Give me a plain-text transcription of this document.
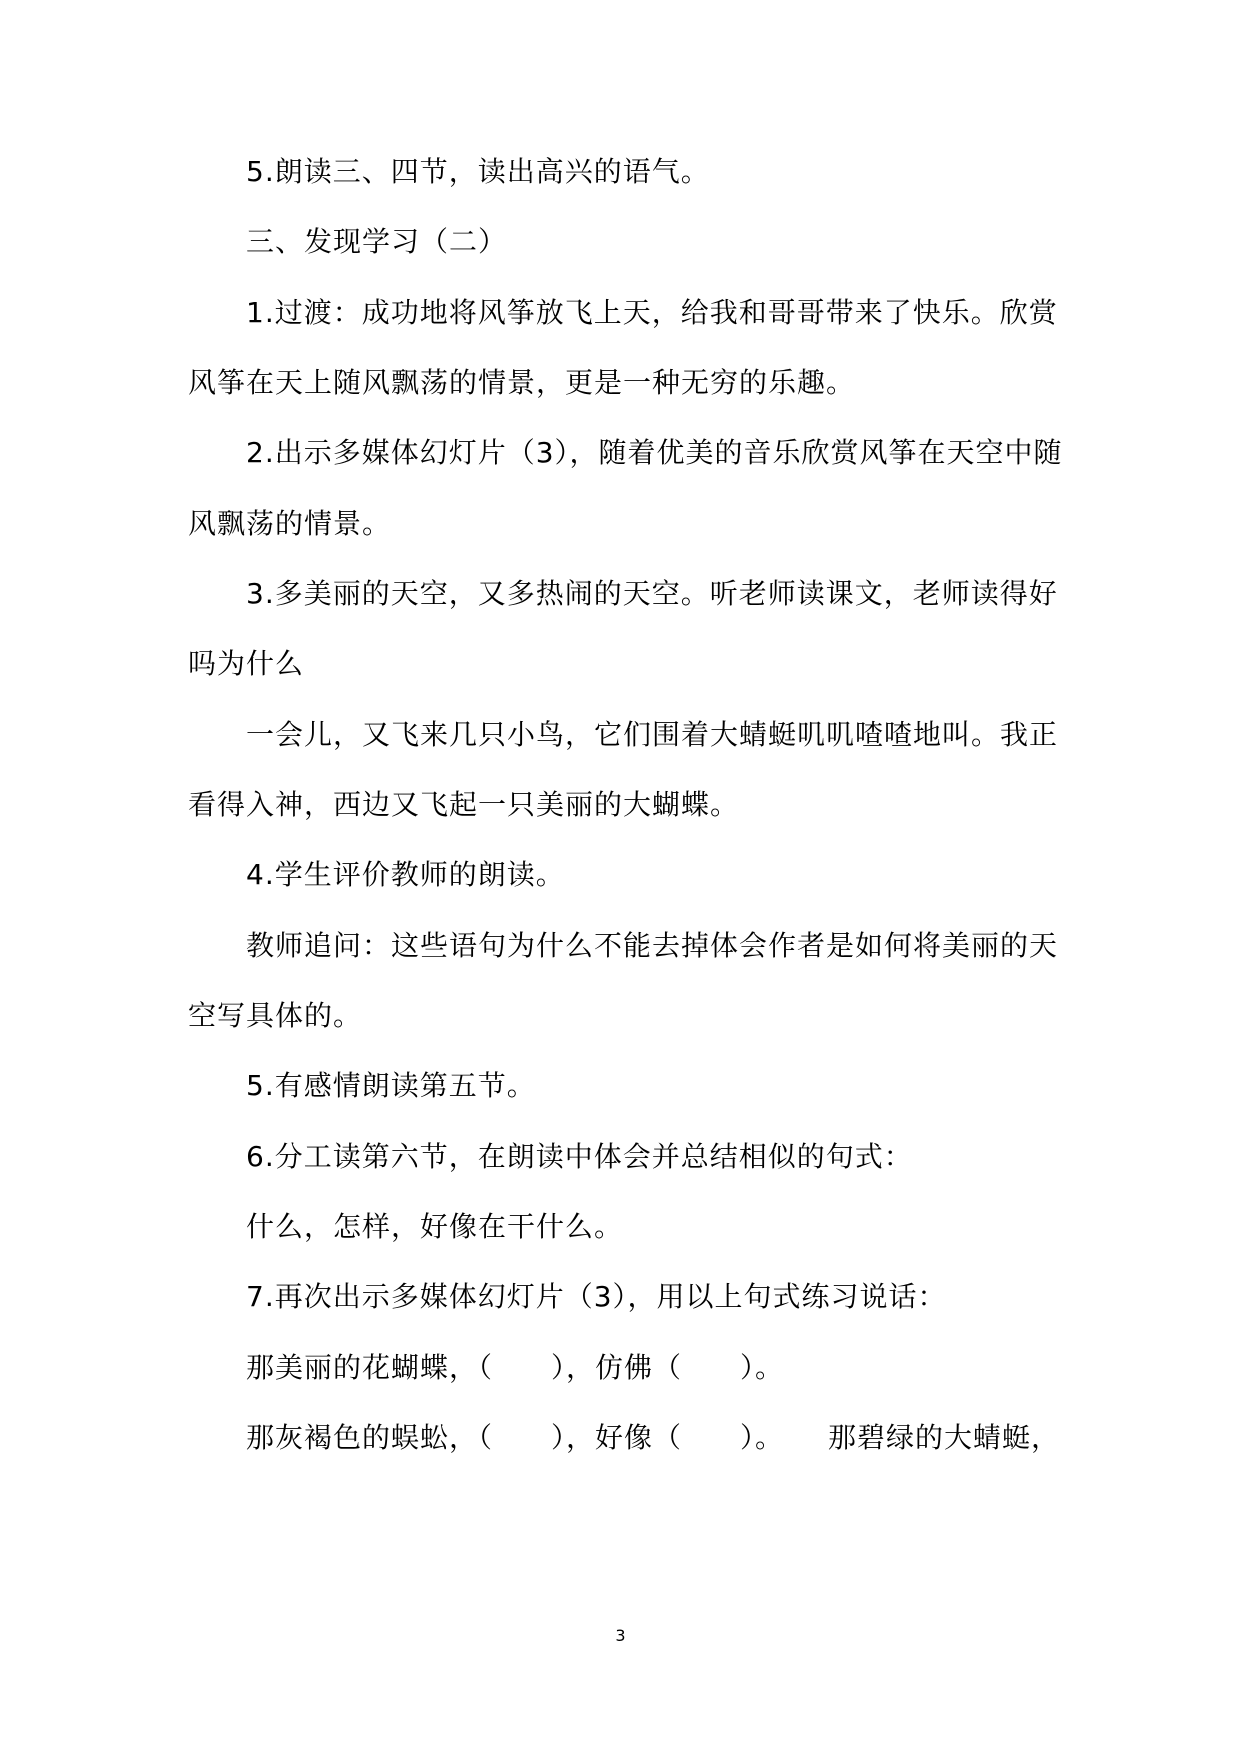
5.朗读三、四节，读出高兴的语气。
三、发现学习（二）
1.过渡：成功地将风筝放飞上天，给我和哥哥带来了快乐。欣赏
风筝在天上随风飘荡的情景，更是一种无穷的乐趣。
2.出示多媒体幻灯片（3），随着优美的音乐欣赏风筝在天空中随
风飘荡的情景。
3.多美丽的天空，又多热闹的天空。听老师读课文，老师读得好
吗为什么
一会儿，又飞来几只小鸟，它们围着大蜻蜓叽叽喳喳地叫。我正
看得入神，西边又飞起一只美丽的大蝴蝶。
4.学生评价教师的朗读。
教师追问：这些语句为什么不能去掉体会作者是如何将美丽的天
空写具体的。
5.有感情朗读第五节。
6.分工读第六节，在朗读中体会并总结相似的句式：
什么，怎样，好像在干什么。
7.再次出示多媒体幻灯片（3），用以上句式练习说话：
那美丽的花蝴蝶，（　　），仿佛（　　）。
那灰褐色的蜈蚣，（　　），好像（　　）。　　那碧绿的大蜻蜓，
3
